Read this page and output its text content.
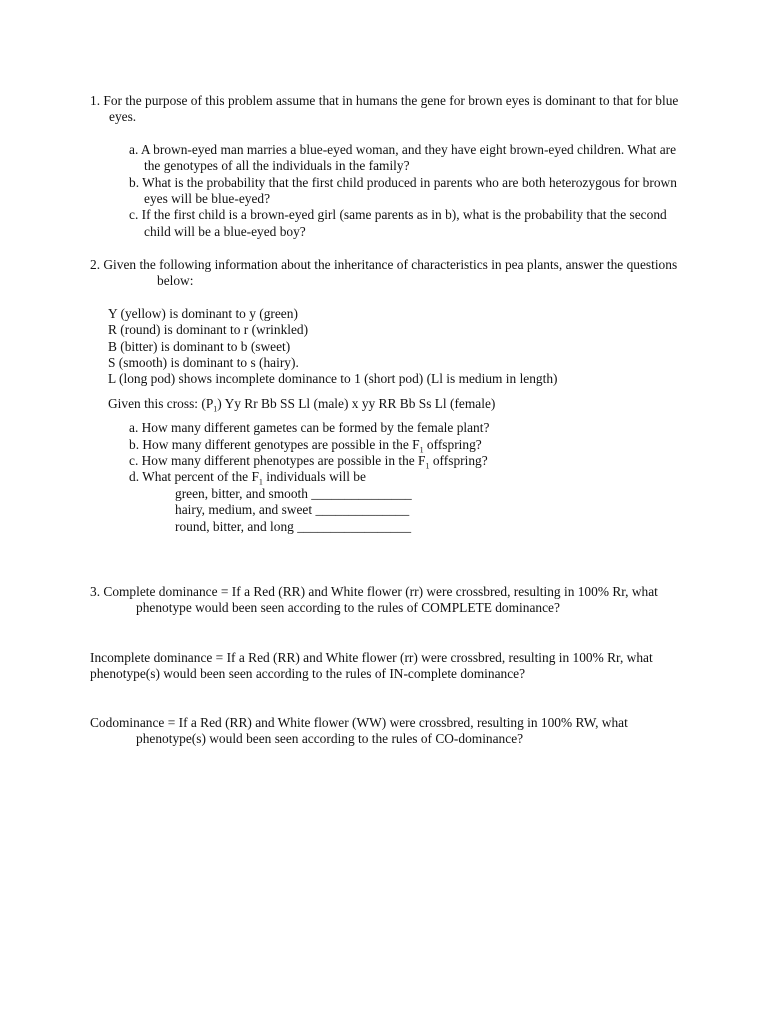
1. For the purpose of this problem assume that in humans the gene for brown eyes is dominant to that for blue eyes.
a. A brown-eyed man marries a blue-eyed woman, and they have eight brown-eyed children. What are the genotypes of all the individuals in the family?
b. What is the probability that the first child produced in parents who are both heterozygous for brown eyes will be blue-eyed?
c. If the first child is a brown-eyed girl (same parents as in b), what is the probability that the second child will be a blue-eyed boy?
2. Given the following information about the inheritance of characteristics in pea plants, answer the questions below:
Y (yellow) is dominant to y (green)
R (round) is dominant to r (wrinkled)
B (bitter) is dominant to b (sweet)
S (smooth) is dominant to s (hairy).
L (long pod) shows incomplete dominance to 1 (short pod) (Ll is medium in length)
Given this cross: $(P_1)$ Yy Rr Bb SS Ll (male) x yy RR Bb Ss Ll (female)
a. How many different gametes can be formed by the female plant?
b. How many different genotypes are possible in the $F_1$ offspring?
c. How many different phenotypes are possible in the $F_1$ offspring?
d. What percent of the $F_1$ individuals will be
green, bitter, and smooth _______________
hairy, medium, and sweet ______________
round, bitter, and long _________________
3. Complete dominance = If a Red (RR) and White flower (rr) were crossbred, resulting in 100% Rr, what phenotype would been seen according to the rules of COMPLETE dominance?
Incomplete dominance = If a Red (RR) and White flower (rr) were crossbred, resulting in 100% Rr, what phenotype(s) would been seen according to the rules of IN-complete dominance?
Codominance = If a Red (RR) and White flower (WW) were crossbred, resulting in 100% RW, what phenotype(s) would been seen according to the rules of CO-dominance?
